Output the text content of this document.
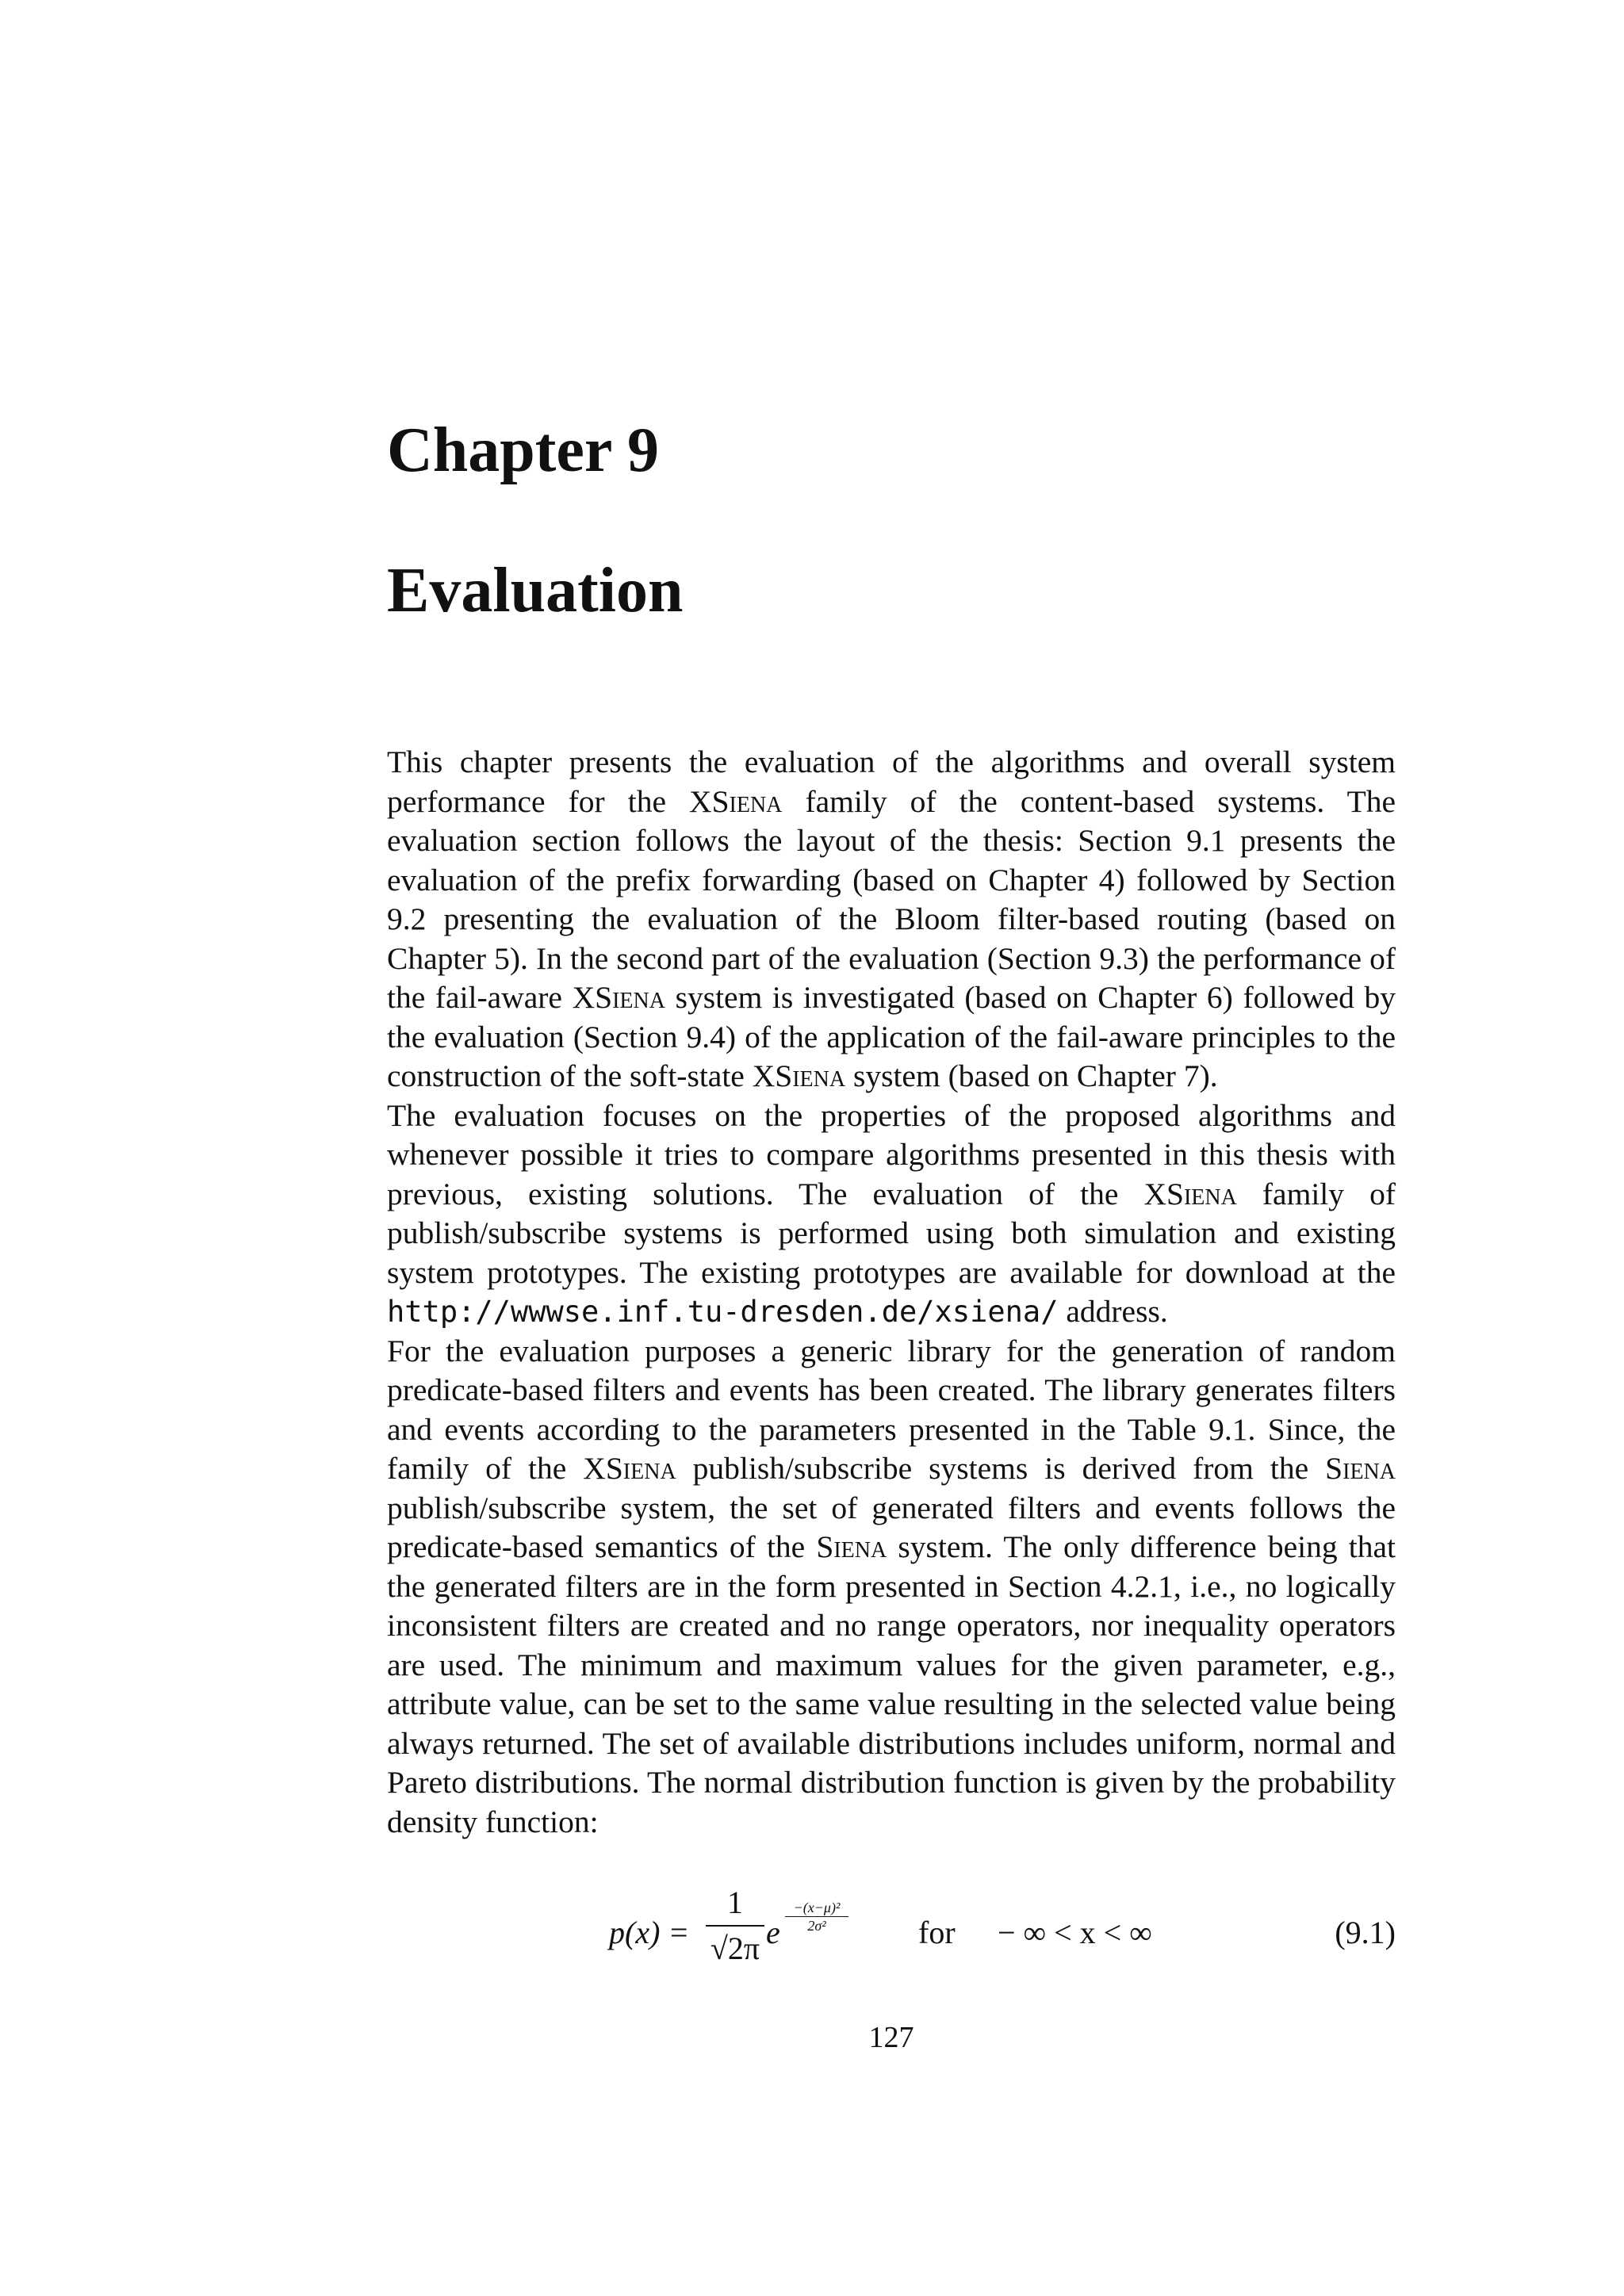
Chapter 9
Evaluation

This chapter presents the evaluation of the algorithms and overall system performance for the XSiena family of the content-based systems. The evaluation section follows the layout of the thesis: Section 9.1 presents the evaluation of the prefix forwarding (based on Chapter 4) followed by Section 9.2 presenting the evaluation of the Bloom filter-based routing (based on Chapter 5). In the second part of the evaluation (Section 9.3) the performance of the fail-aware XSiena system is investigated (based on Chapter 6) followed by the evaluation (Section 9.4) of the application of the fail-aware principles to the construction of the soft-state XSiena system (based on Chapter 7).

The evaluation focuses on the properties of the proposed algorithms and whenever possible it tries to compare algorithms presented in this thesis with previous, existing solutions. The evaluation of the XSiena family of publish/subscribe systems is performed using both simulation and existing system prototypes. The existing prototypes are available for download at the http://wwwse.inf.tu-dresden.de/xsiena/ address.

For the evaluation purposes a generic library for the generation of random predicate-based filters and events has been created. The library generates filters and events according to the parameters presented in the Table 9.1. Since, the family of the XSiena publish/subscribe systems is derived from the Siena publish/subscribe system, the set of generated filters and events follows the predicate-based semantics of the Siena system. The only difference being that the generated filters are in the form presented in Section 4.2.1, i.e., no logically inconsistent filters are created and no range operators, nor inequality operators are used. The minimum and maximum values for the given parameter, e.g., attribute value, can be set to the same value resulting in the selected value being always returned. The set of available distributions includes uniform, normal and Pareto distributions. The normal distribution function is given by the probability density function:

p(x) =
1
√2π e
−(x−μ)²
2σ²	for − ∞ < x < ∞	(9.1)
127
